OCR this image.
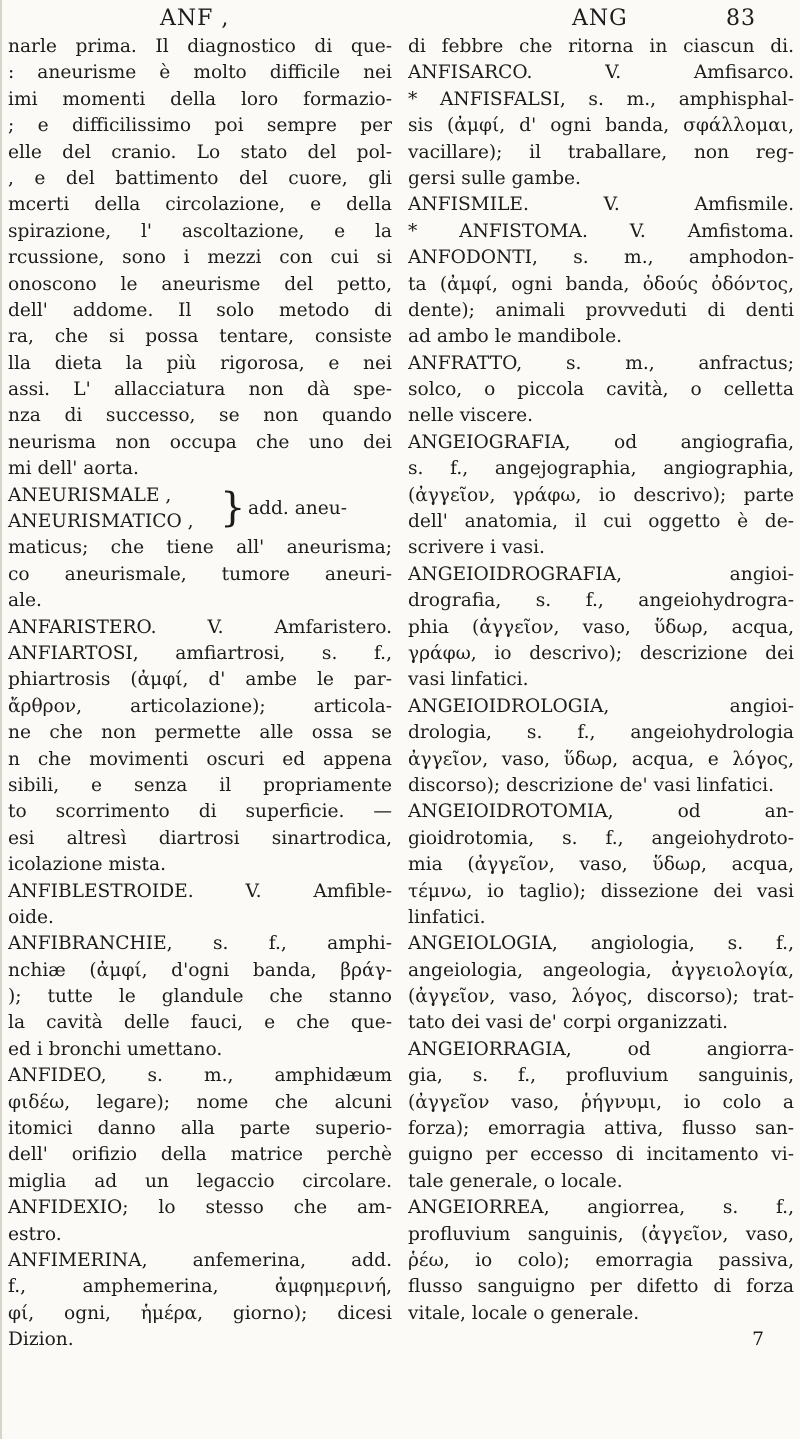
ANF ,	ANG	83
narle prima. Il diagnostico di que-
: aneurisme è molto difficile nei
imi momenti della loro formazio-
; e difficilissimo poi sempre per
elle del cranio. Lo stato del pol-
, e del battimento del cuore, gli
mcerti della circolazione, e della
spirazione, l' ascoltazione, e la
rcussione, sono i mezzi con cui si
onoscono le aneurisme del petto,
dell' addome. Il solo metodo di
ra, che si possa tentare, consiste
lla dieta la più rigorosa, e nei
assi. L' allacciatura non dà spe-
nza di successo, se non quando
neurisma non occupa che uno dei
mi dell' aorta.
ANEURISMALE ,
ANEURISMATICO , } add. aneu-
maticus; che tiene all' aneurisma;
co aneurismale, tumore aneuri-
ale.
ANFARISTERO. V. Amfaristero.
ANFIARTOSI, amfiartrosi, s. f.,
phiartrosis (ἀμφί, d' ambe le par-
ἄρθρον, articolazione); articola-
ne che non permette alle ossa se
n che movimenti oscuri ed appena
sibili, e senza il propriamente
to scorrimento di superficie. —
esi altresì diartrosi sinartrodica,
icolazione mista.
ANFIBLESTROIDE. V. Amfible-
oide.
ANFIBRANCHIE, s. f., amphi-
nchiæ (ἀμφί, d'ogni banda, βράγ-
); tutte le glandule che stanno
la cavità delle fauci, e che que-
ed i bronchi umettano.
ANFIDEO, s. m., amphidæum
φιδέω, legare); nome che alcuni
itomici danno alla parte superio-
dell' orifizio della matrice perchè
miglia ad un legaccio circolare.
ANFIDEXIO; lo stesso che am-
estro.
ANFIMERINA, anfemerina, add.
f., amphemerina, ἀμφημερινή,
φί, ogni, ἡμέρα, giorno); dicesi
Dizion.
di febbre che ritorna in ciascun di.
ANFISARCO. V. Amfisarco.
* ANFISFALSI, s. m., amphisphal-
sis (ἀμφί, d' ogni banda, σφάλλομαι,
vacillare); il traballare, non reg-
gersi sulle gambe.
ANFISMILE. V. Amfismile.
* ANFISTOMA. V. Amfistoma.
ANFODONTI, s. m., amphodon-
ta (ἀμφί, ogni banda, ὀδούς ὀδόντος,
dente); animali provveduti di denti
ad ambo le mandibole.
ANFRATTO, s. m., anfractus;
solco, o piccola cavità, o celletta
nelle viscere.
ANGEIOGRAFIA, od angiografia,
s. f., angejographia, angiographia,
(ἀγγεῖον, γράφω, io descrivo); parte
dell' anatomia, il cui oggetto è de-
scrivere i vasi.
ANGEIOIDROGRAFIA, angioi-
drografia, s. f., angeiohydrogra-
phia (ἀγγεῖον, vaso, ὕδωρ, acqua,
γράφω, io descrivo); descrizione dei
vasi linfatici.
ANGEIOIDROLOGIA, angioi-
drologia, s. f., angeiohydrologia
ἀγγεῖον, vaso, ὕδωρ, acqua, e λόγος,
discorso); descrizione de' vasi linfatici.
ANGEIOIDROTOMIA, od an-
gioidrotomia, s. f., angeiohydroto-
mia (ἀγγεῖον, vaso, ὕδωρ, acqua,
τέμνω, io taglio); dissezione dei vasi
linfatici.
ANGEIOLOGIA, angiologia, s. f.,
angeiologia, angeologia, ἀγγειολογία,
(ἀγγεῖον, vaso, λόγος, discorso); trat-
tato dei vasi de' corpi organizzati.
ANGEIORRAGIA, od angiorra-
gia, s. f., profluvium sanguinis,
(ἀγγεῖον vaso, ῥήγνυμι, io colo a
forza); emorragia attiva, flusso san-
guigno per eccesso di incitamento vi-
tale generale, o locale.
ANGEIORREA, angiorrea, s. f.,
profluvium sanguinis, (ἀγγεῖον, vaso,
ῥέω, io colo); emorragia passiva,
flusso sanguigno per difetto di forza
vitale, locale o generale.
7
